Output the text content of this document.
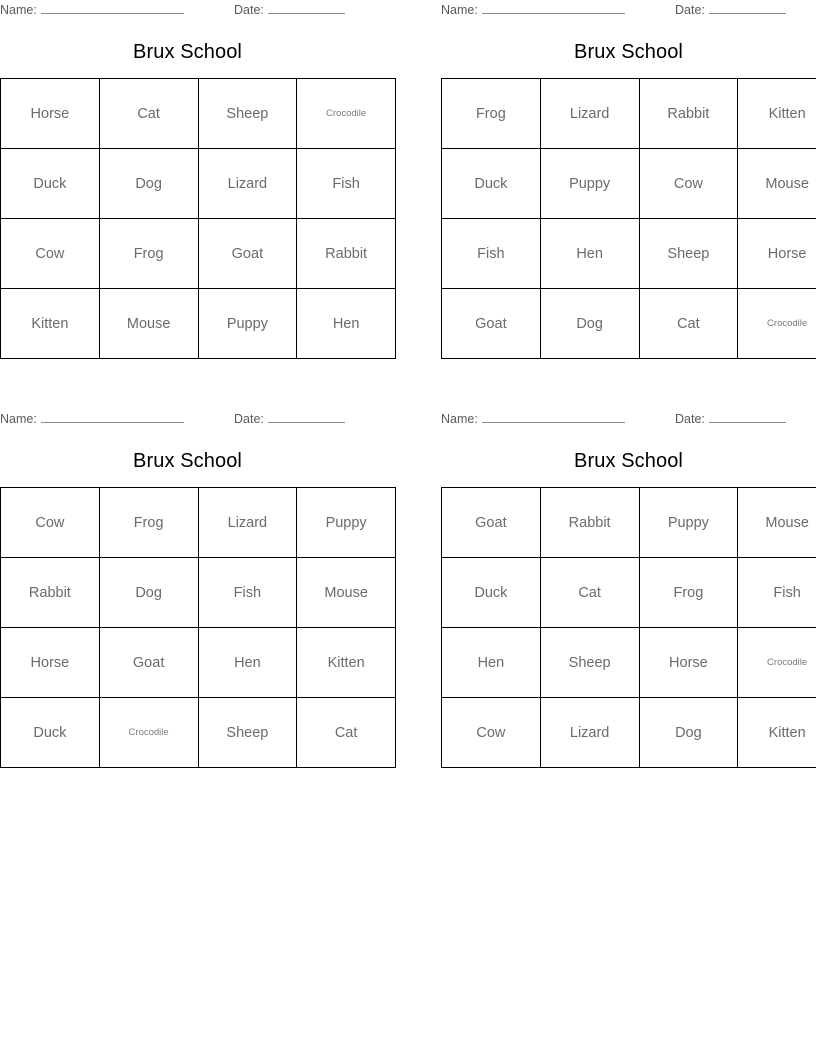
Name:	Date:
Brux School
Horse	Cat	Sheep	Crocodile
Duck	Dog	Lizard	Fish
Cow	Frog	Goat	Rabbit
Kitten	Mouse	Puppy	Hen
Name:	Date:
Brux School
Frog	Lizard	Rabbit	Kitten
Duck	Puppy	Cow	Mouse
Fish	Hen	Sheep	Horse
Goat	Dog	Cat	Crocodile
Name:	Date:
Brux School
Cow	Frog	Lizard	Puppy
Rabbit	Dog	Fish	Mouse
Horse	Goat	Hen	Kitten
Duck	Crocodile	Sheep	Cat
Name:	Date:
Brux School
Goat	Rabbit	Puppy	Mouse
Duck	Cat	Frog	Fish
Hen	Sheep	Horse	Crocodile
Cow	Lizard	Dog	Kitten
